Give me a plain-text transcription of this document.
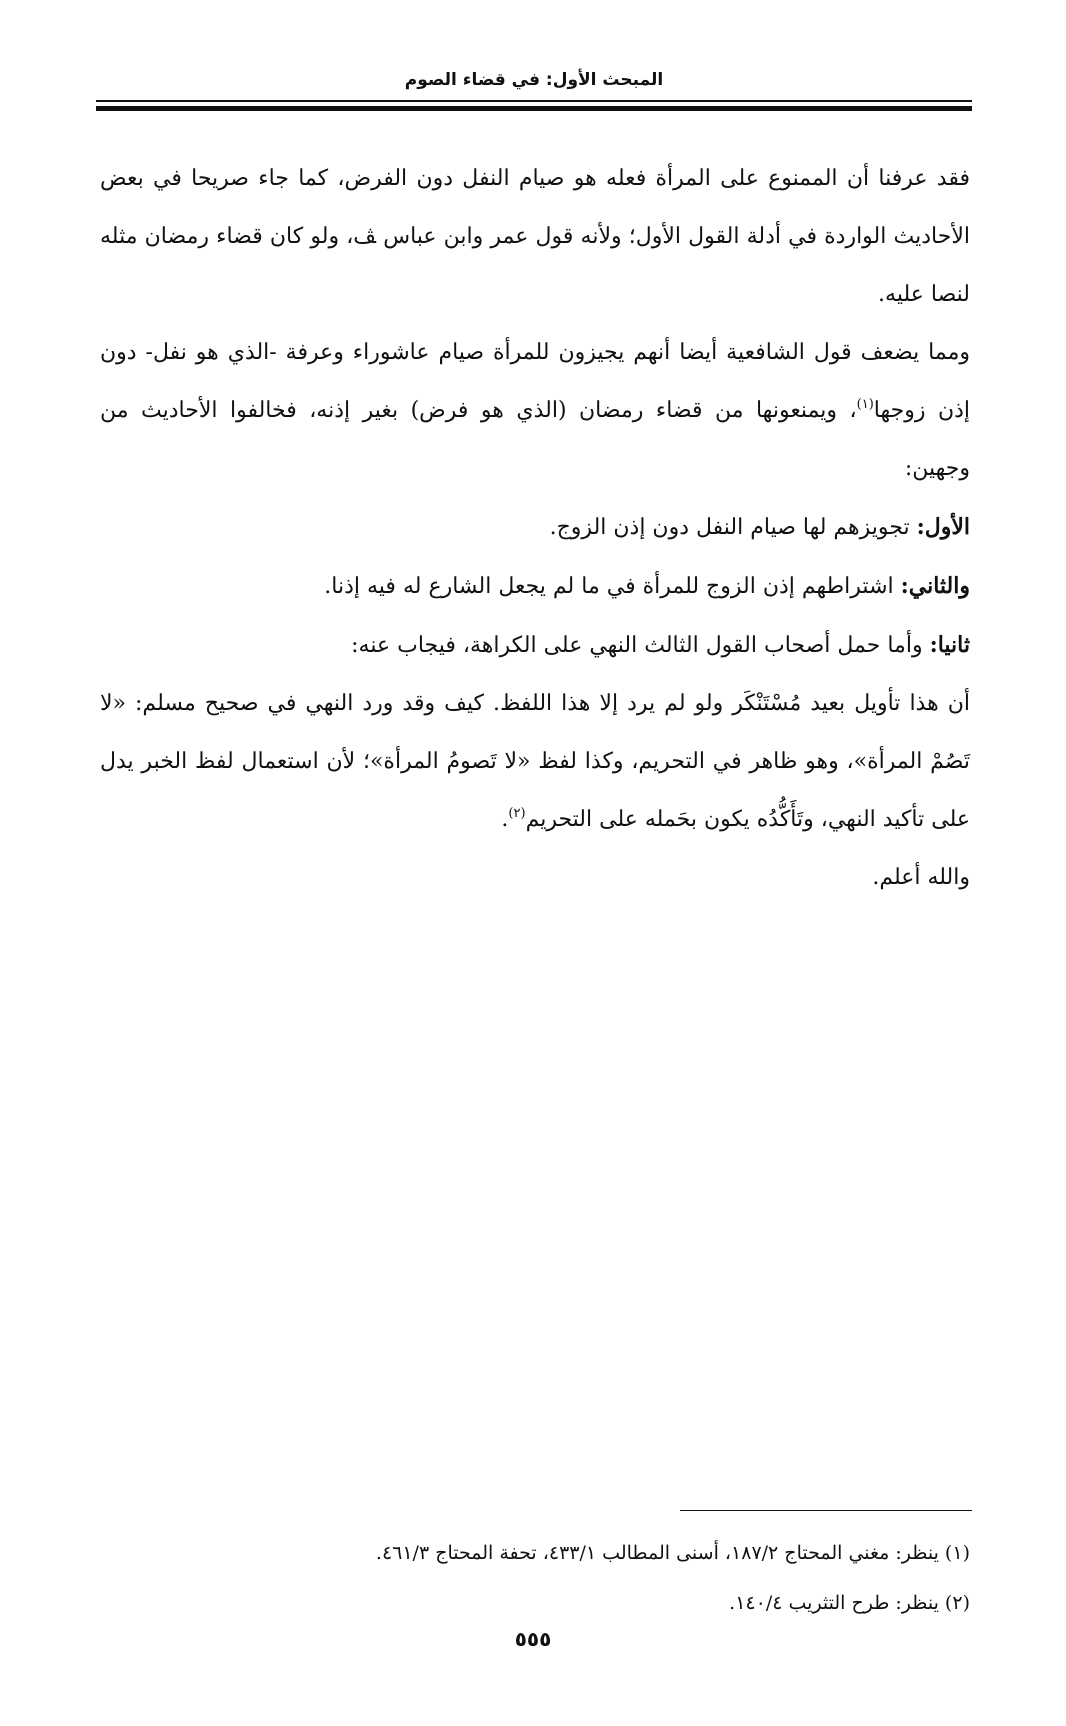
المبحث الأول: في قضاء الصوم

فقد عرفنا أن الممنوع على المرأة فعله هو صيام النفل دون الفرض، كما جاء صريحا في بعض الأحاديث الواردة في أدلة القول الأول؛ ولأنه قول عمر وابن عباس ﭫ، ولو كان قضاء رمضان مثله لنصا عليه.

ومما يضعف قول الشافعية أيضا أنهم يجيزون للمرأة صيام عاشوراء وعرفة -الذي هو نفل- دون إذن زوجها$^{(١)}$، ويمنعونها من قضاء رمضان (الذي هو فرض) بغير إذنه، فخالفوا الأحاديث من وجهين:

الأول: تجويزهم لها صيام النفل دون إذن الزوج.

والثاني: اشتراطهم إذن الزوج للمرأة في ما لم يجعل الشارع له فيه إذنا.

ثانيا: وأما حمل أصحاب القول الثالث النهي على الكراهة، فيجاب عنه:

أن هذا تأويل بعيد مُسْتَنْكَر ولو لم يرد إلا هذا اللفظ. كيف وقد ورد النهي في صحيح مسلم: «لا تَصُمْ المرأة»، وهو ظاهر في التحريم، وكذا لفظ «لا تَصومُ المرأة»؛ لأن استعمال لفظ الخبر يدل على تأكيد النهي، وتَأَكُّدُه يكون بحَمله على التحريم$^{(٢)}$.

والله أعلم.

(١) ينظر: مغني المحتاج ١٨٧/٢، أسنى المطالب ٤٣٣/١، تحفة المحتاج ٤٦١/٣.

(٢) ينظر: طرح التثريب ١٤٠/٤.

٥٥٥
